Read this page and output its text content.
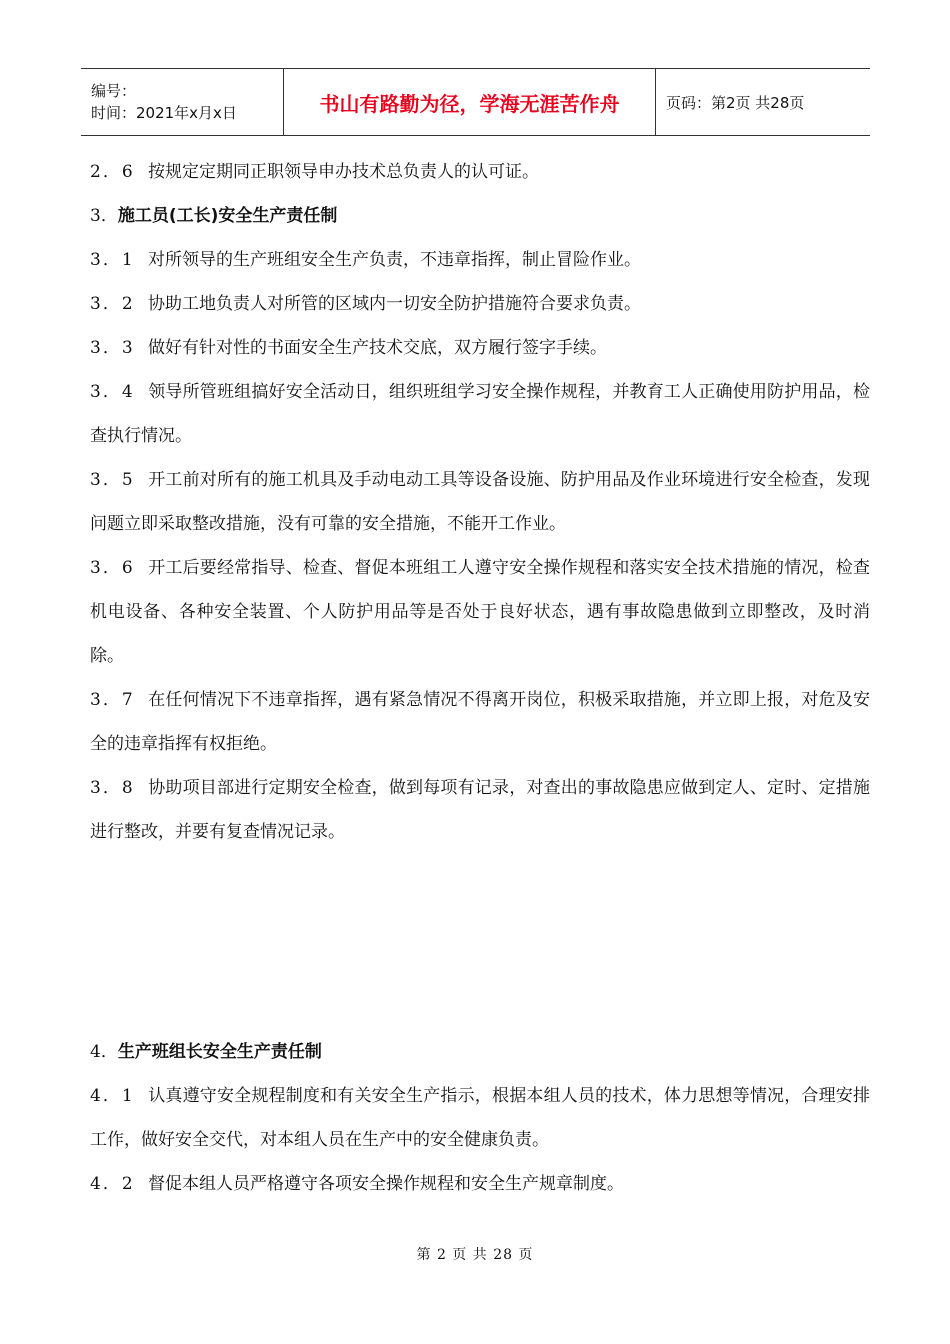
编号：
时间：2021年x月x日	书山有路勤为径，学海无涯苦作舟	页码：第2页 共28页

2．6 按规定定期同正职领导申办技术总负责人的认可证。

3．施工员(工长)安全生产责任制

3．1 对所领导的生产班组安全生产负责，不违章指挥，制止冒险作业。

3．2 协助工地负责人对所管的区域内一切安全防护措施符合要求负责。

3．3 做好有针对性的书面安全生产技术交底，双方履行签字手续。

3．4 领导所管班组搞好安全活动日，组织班组学习安全操作规程，并教育工人正确使用防护用品，检查执行情况。

3．5 开工前对所有的施工机具及手动电动工具等设备设施、防护用品及作业环境进行安全检查，发现问题立即采取整改措施，没有可靠的安全措施，不能开工作业。

3．6 开工后要经常指导、检查、督促本班组工人遵守安全操作规程和落实安全技术措施的情况，检查机电设备、各种安全装置、个人防护用品等是否处于良好状态，遇有事故隐患做到立即整改，及时消除。

3．7 在任何情况下不违章指挥，遇有紧急情况不得离开岗位，积极采取措施，并立即上报，对危及安全的违章指挥有权拒绝。

3．8 协助项目部进行定期安全检查，做到每项有记录，对查出的事故隐患应做到定人、定时、定措施进行整改，并要有复查情况记录。

4．生产班组长安全生产责任制

4．1 认真遵守安全规程制度和有关安全生产指示，根据本组人员的技术，体力思想等情况，合理安排工作，做好安全交代，对本组人员在生产中的安全健康负责。

4．2 督促本组人员严格遵守各项安全操作规程和安全生产规章制度。

第 2 页 共 28 页
